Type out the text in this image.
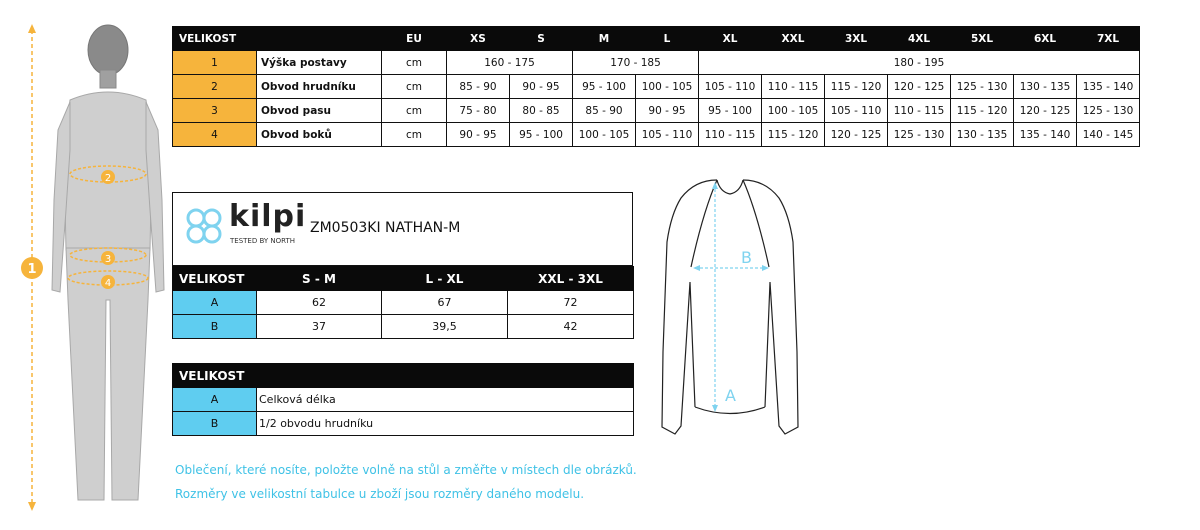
2
3
4
1
VELIKOST		EU	XS	S	M	L	XL	XXL	3XL	4XL	5XL	6XL	7XL
1	Výška postavy	cm	160 - 175		170 - 185		180 - 195						
2	Obvod hrudníku	cm	85 - 90	90 - 95	95 - 100	100 - 105	105 - 110	110 - 115	115 - 120	120 - 125	125 - 130	130 - 135	135 - 140
3	Obvod pasu	cm	75 - 80	80 - 85	85 - 90	90 - 95	95 - 100	100 - 105	105 - 110	110 - 115	115 - 120	120 - 125	125 - 130
4	Obvod boků	cm	90 - 95	95 - 100	100 - 105	105 - 110	110 - 115	115 - 120	120 - 125	125 - 130	130 - 135	135 - 140	140 - 145
kilpi
TESTED BY NORTH
ZM0503KI NATHAN-M
VELIKOST	S - M	L - XL	XXL - 3XL
A	62	67	72
B	37	39,5	42
VELIKOST	
A	Celková délka
B	1/2 obvodu hrudníku
A
B
Oblečení, které nosíte, položte volně na stůl a změřte v místech dle obrázků.
Rozměry ve velikostní tabulce u zboží jsou rozměry daného modelu.
